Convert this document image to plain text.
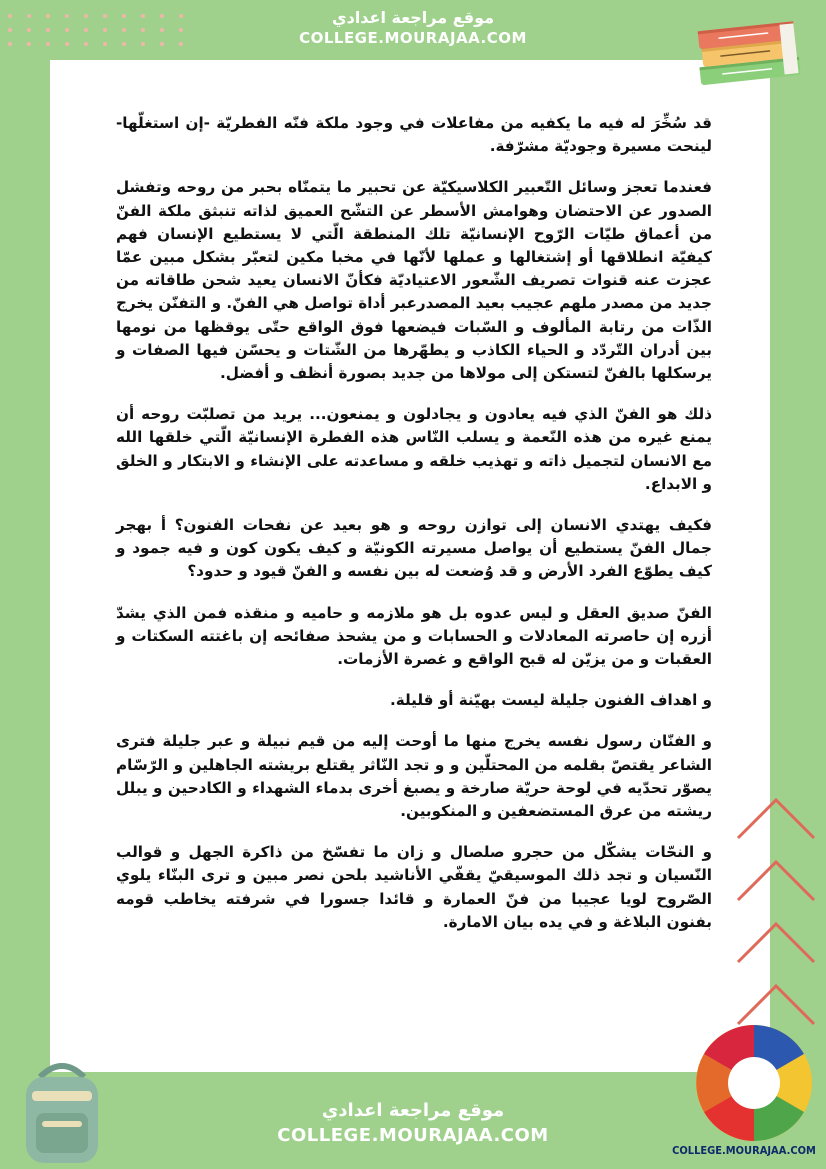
موقع مراجعة اعدادي
COLLEGE.MOURAJAA.COM

قد سُخِّرَ له فيه ما يكفيه من مفاعلات في وجود ملكة فنّه الفطريّة -إن استغلّها- لينحت مسيرة وجوديّة مشرّفة.

فعندما تعجز وسائل التّعبير الكلاسيكيّة عن تحبير ما يتمنّاه بحبر من روحه وتفشل الصدور عن الاحتضان وهوامش الأسطر عن التشّح العميق لذاته تنبثق ملكة الفنّ من أعماق طيّات الرّوح الإنسانيّة تلك المنطقة الّتي لا يستطيع الإنسان فهم كيفيّة انطلاقها أو إشتغالها و عملها لأنّها في مخبا مكين لتعبّر بشكل مبين عمّا عجزت عنه قنوات تصريف الشّعور الاعتياديّة فكأنّ الانسان يعيد شحن طاقاته من جديد من مصدر ملهم عجيب بعيد المصدرعبر أداة تواصل هي الفنّ. و التفنّن يخرج الذّات من رتابة المألوف و السّبات فيضعها فوق الواقع حتّى يوقظها من نومها بين أدران التّردّد و الحياء الكاذب و يطهّرها من الشّتات و يحسّن فيها الصفات و يرسكلها بالفنّ لتستكن إلى مولاها من جديد بصورة أنظف و أفضل.

ذلك هو الفنّ الذي فيه يعادون و يجادلون و يمنعون... يريد من تصلبّت روحه أن يمنع غيره من هذه النّعمة و يسلب النّاس هذه الفطرة الإنسانيّة الّتي خلقها الله مع الانسان لتجميل ذاته و تهذيب خلقه و مساعدته على الإنشاء و الابتكار و الخلق و الابداع.

فكيف يهتدي الانسان إلى توازن روحه و هو بعيد عن نفحات الفنون؟ أ بهجر جمال الفنّ يستطيع أن يواصل مسيرته الكونيّة و كيف يكون كون و فيه جمود و كيف يطوّع الفرد الأرض و قد وُضعت له بين نفسه و الفنّ قيود و حدود؟

الفنّ صديق العقل و ليس عدوه بل هو ملازمه و حاميه و منقذه فمن الذي يشدّ أزره إن حاصرته المعادلات و الحسابات و من يشحذ صفائحه إن باغتته السكتات و العقبات و من يزيّن له قبح الواقع و غصرة الأزمات.

و اهداف الفنون جليلة ليست بهيّنة أو قليلة.

و الفنّان رسول نفسه يخرج منها ما أوحت إليه من قيم نبيلة و عبر جليلة فترى الشاعر يقتصّ بقلمه من المحتلّين و و تجد النّاثر يقتلع بريشته الجاهلين و الرّسّام يصوّر تحدّيه في لوحة حريّة صارخة و يصبغ أخرى بدماء الشهداء و الكادحين و يبلل ريشته من عرق المستضعفين و المنكوبين.

و النحّات يشكّل من حجرو صلصال و زان ما تفسّخ من ذاكرة الجهل و قوالب النّسيان و تجد ذلك الموسيقيّ يقفّي الأناشيد بلحن نصر مبين و ترى البنّاء يلوي الصّروح لويا عجيبا من فنّ العمارة و قائدا جسورا في شرفته يخاطب قومه بفنون البلاغة و في يده بيان الامارة.

موقع مراجعة اعدادي
COLLEGE.MOURAJAA.COM
COLLEGE.MOURAJAA.COM
